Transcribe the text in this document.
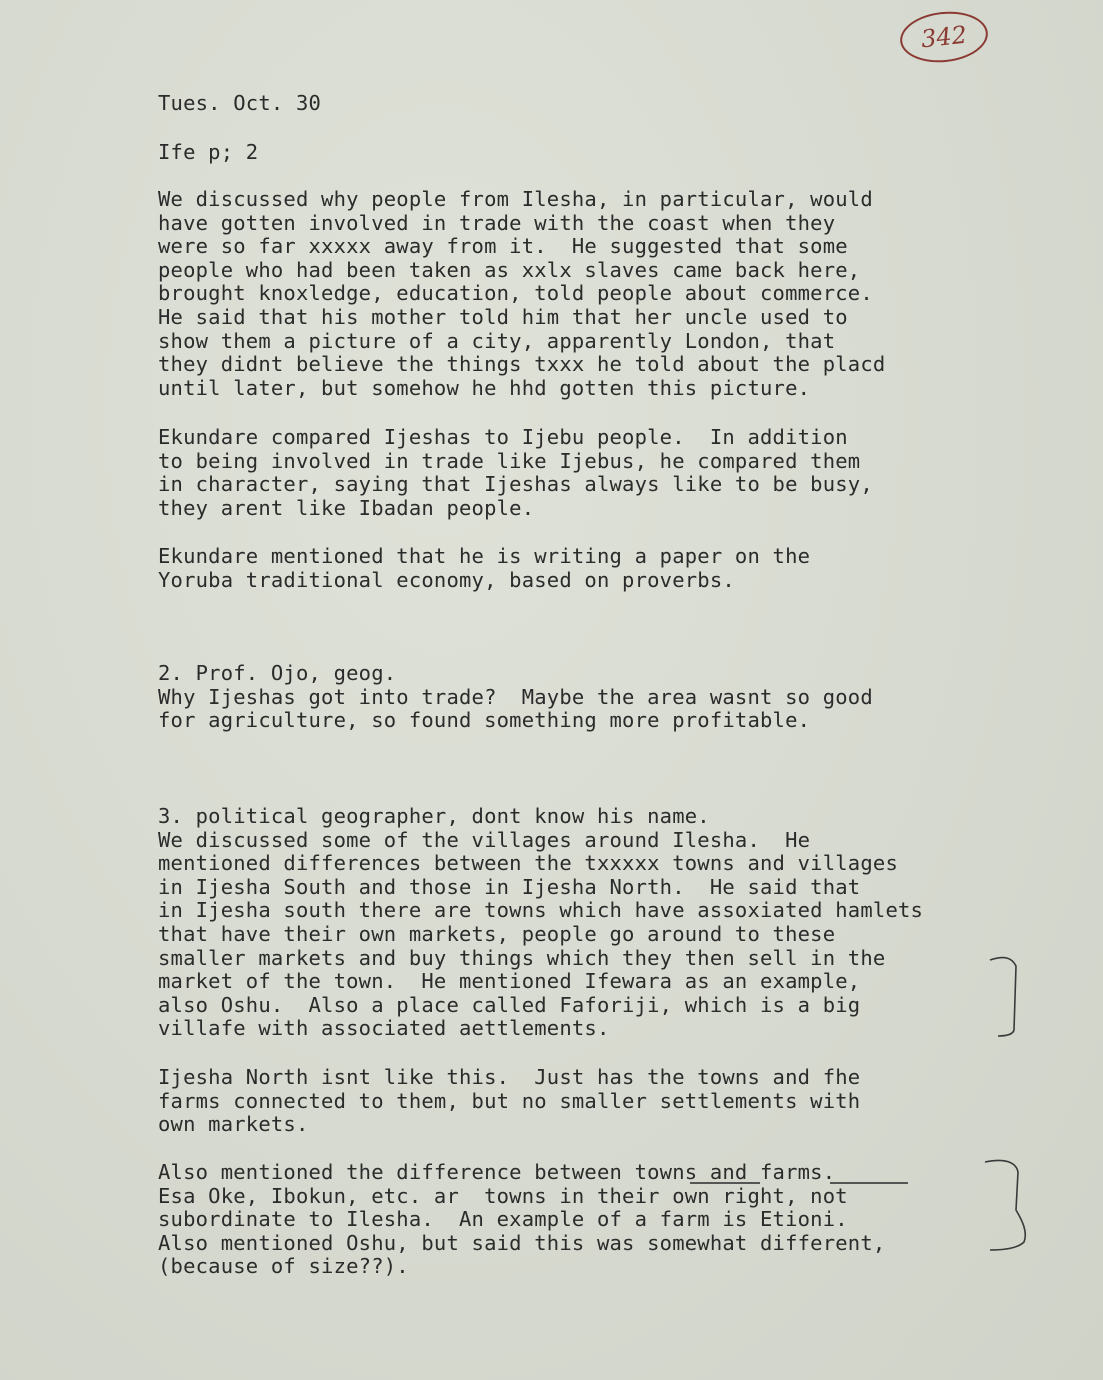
342

Tues. Oct. 30

Ife p; 2

We discussed why people from Ilesha, in particular, would
have gotten involved in trade with the coast when they
were so far xxxxx away from it.  He suggested that some
people who had been taken as xxlx slaves came back here,
brought knoxledge, education, told people about commerce.
He said that his mother told him that her uncle used to
show them a picture of a city, apparently London, that
they didnt believe the things txxx he told about the placd
until later, but somehow he hhd gotten this picture.
Ekundare compared Ijeshas to Ijebu people.  In addition
to being involved in trade like Ijebus, he compared them
in character, saying that Ijeshas always like to be busy,
they arent like Ibadan people.
Ekundare mentioned that he is writing a paper on the
Yoruba traditional economy, based on proverbs.
2. Prof. Ojo, geog.
Why Ijeshas got into trade?  Maybe the area wasnt so good
for agriculture, so found something more profitable.
3. political geographer, dont know his name.
We discussed some of the villages around Ilesha.  He
mentioned differences between the txxxxx towns and villages
in Ijesha South and those in Ijesha North.  He said that
in Ijesha south there are towns which have assoxiated hamlets
that have their own markets, people go around to these
smaller markets and buy things which they then sell in the
market of the town.  He mentioned Ifewara as an example,
also Oshu.  Also a place called Faforiji, which is a big
villafe with associated aettlements.
Ijesha North isnt like this.  Just has the towns and fhe
farms connected to them, but no smaller settlements with
own markets.
Also mentioned the difference between towns and farms.
Esa Oke, Ibokun, etc. ar  towns in their own right, not
subordinate to Ilesha.  An example of a farm is Etioni.
Also mentioned Oshu, but said this was somewhat different,
(because of size??).
